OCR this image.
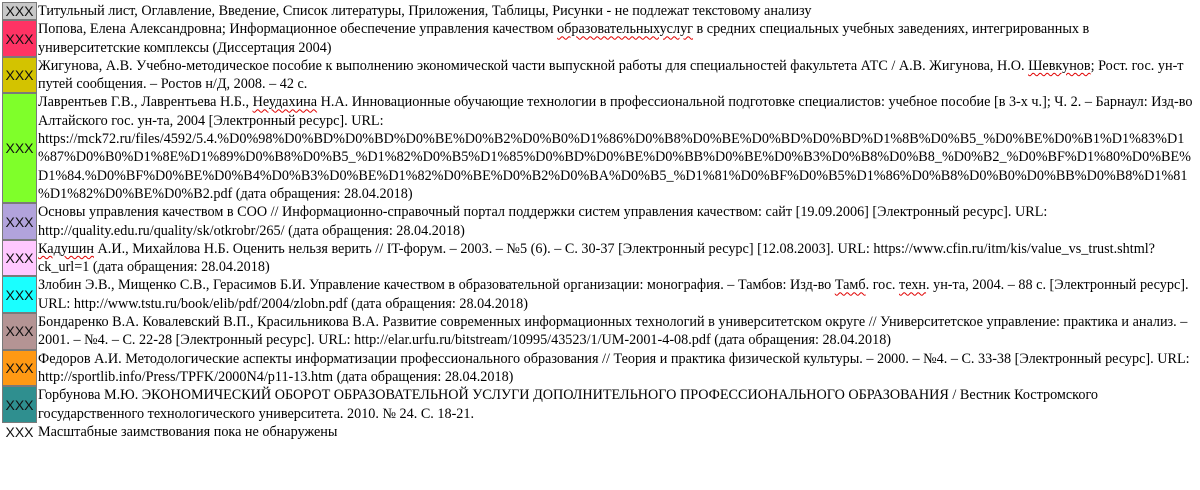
XXX	Титульный лист, Оглавление, Введение, Список литературы, Приложения, Таблицы, Рисунки - не подлежат текстовому анализу

XXX	Попова, Елена Александровна; Информационное обеспечение управления качеством образовательныхуслуг в средних специальных учебных заведениях, интегрированных в университетские комплексы (Диссертация 2004)

XXX	Жигунова, А.В. Учебно-методическое пособие к выполнению экономической части выпускной работы для специальностей факультета АТС / А.В. Жигунова, Н.О. Шевкунов; Рост. гос. ун-т путей сообщения. – Ростов н/Д, 2008. – 42 с.

XXX	Лаврентьев Г.В., Лаврентьева Н.Б., Неудахина Н.А. Инновационные обучающие технологии в профессиональной подготовке специалистов: учебное пособие [в 3-х ч.]; Ч. 2. – Барнаул: Изд-во Алтайского гос. ун-та, 2004 [Электронный ресурс]. URL: https://mck72.ru/files/4592/5.4.%D0%98%D0%BD%D0%BD%D0%BE%D0%B2%D0%B0%D1%86%D0%B8%D0%BE%D0%BD%D0%BD%D1%8B%D0%B5_%D0%BE%D0%B1%D1%83%D1%87%D0%B0%D1%8E%D1%89%D0%B8%D0%B5_%D1%82%D0%B5%D1%85%D0%BD%D0%BE%D0%BB%D0%BE%D0%B3%D0%B8%D0%B8_%D0%B2_%D0%BF%D1%80%D0%BE%D1%84.%D0%BF%D0%BE%D0%B4%D0%B3%D0%BE%D1%82%D0%BE%D0%B2%D0%BA%D0%B5_%D1%81%D0%BF%D0%B5%D1%86%D0%B8%D0%B0%D0%BB%D0%B8%D1%81%D1%82%D0%BE%D0%B2.pdf (дата обращения: 28.04.2018)

XXX	Основы управления качеством в СОО // Информационно-справочный портал поддержки систем управления качеством: сайт [19.09.2006] [Электронный ресурс]. URL: http://quality.edu.ru/quality/sk/otkrobr/265/ (дата обращения: 28.04.2018)

XXX	Кадушин А.И., Михайлова Н.Б. Оценить нельзя верить // IT-форум. – 2003. – №5 (6). – С. 30-37 [Электронный ресурс] [12.08.2003]. URL: https://www.cfin.ru/itm/kis/value_vs_trust.shtml?ck_url=1 (дата обращения: 28.04.2018)

XXX	Злобин Э.В., Мищенко С.В., Герасимов Б.И. Управление качеством в образовательной организации: монография. – Тамбов: Изд-во Тамб. гос. техн. ун-та, 2004. – 88 с. [Электронный ресурс]. URL: http://www.tstu.ru/book/elib/pdf/2004/zlobn.pdf (дата обращения: 28.04.2018)

XXX	Бондаренко В.А. Ковалевский В.П., Красильникова В.А. Развитие современных информационных технологий в университетском округе // Университетское управление: практика и анализ. – 2001. – №4. – С. 22-28 [Электронный ресурс]. URL: http://elar.urfu.ru/bitstream/10995/43523/1/UM-2001-4-08.pdf (дата обращения: 28.04.2018)

XXX	Федоров А.И. Методологические аспекты информатизации профессионального образования // Теория и практика физической культуры. – 2000. – №4. – С. 33-38 [Электронный ресурс]. URL: http://sportlib.info/Press/TPFK/2000N4/p11-13.htm (дата обращения: 28.04.2018)

XXX	Горбунова М.Ю. ЭКОНОМИЧЕСКИЙ ОБОРОТ ОБРАЗОВАТЕЛЬНОЙ УСЛУГИ ДОПОЛНИТЕЛЬНОГО ПРОФЕССИОНАЛЬНОГО ОБРАЗОВАНИЯ / Вестник Костромского государственного технологического университета. 2010. № 24. С. 18-21.

XXX	Масштабные заимствования пока не обнаружены
